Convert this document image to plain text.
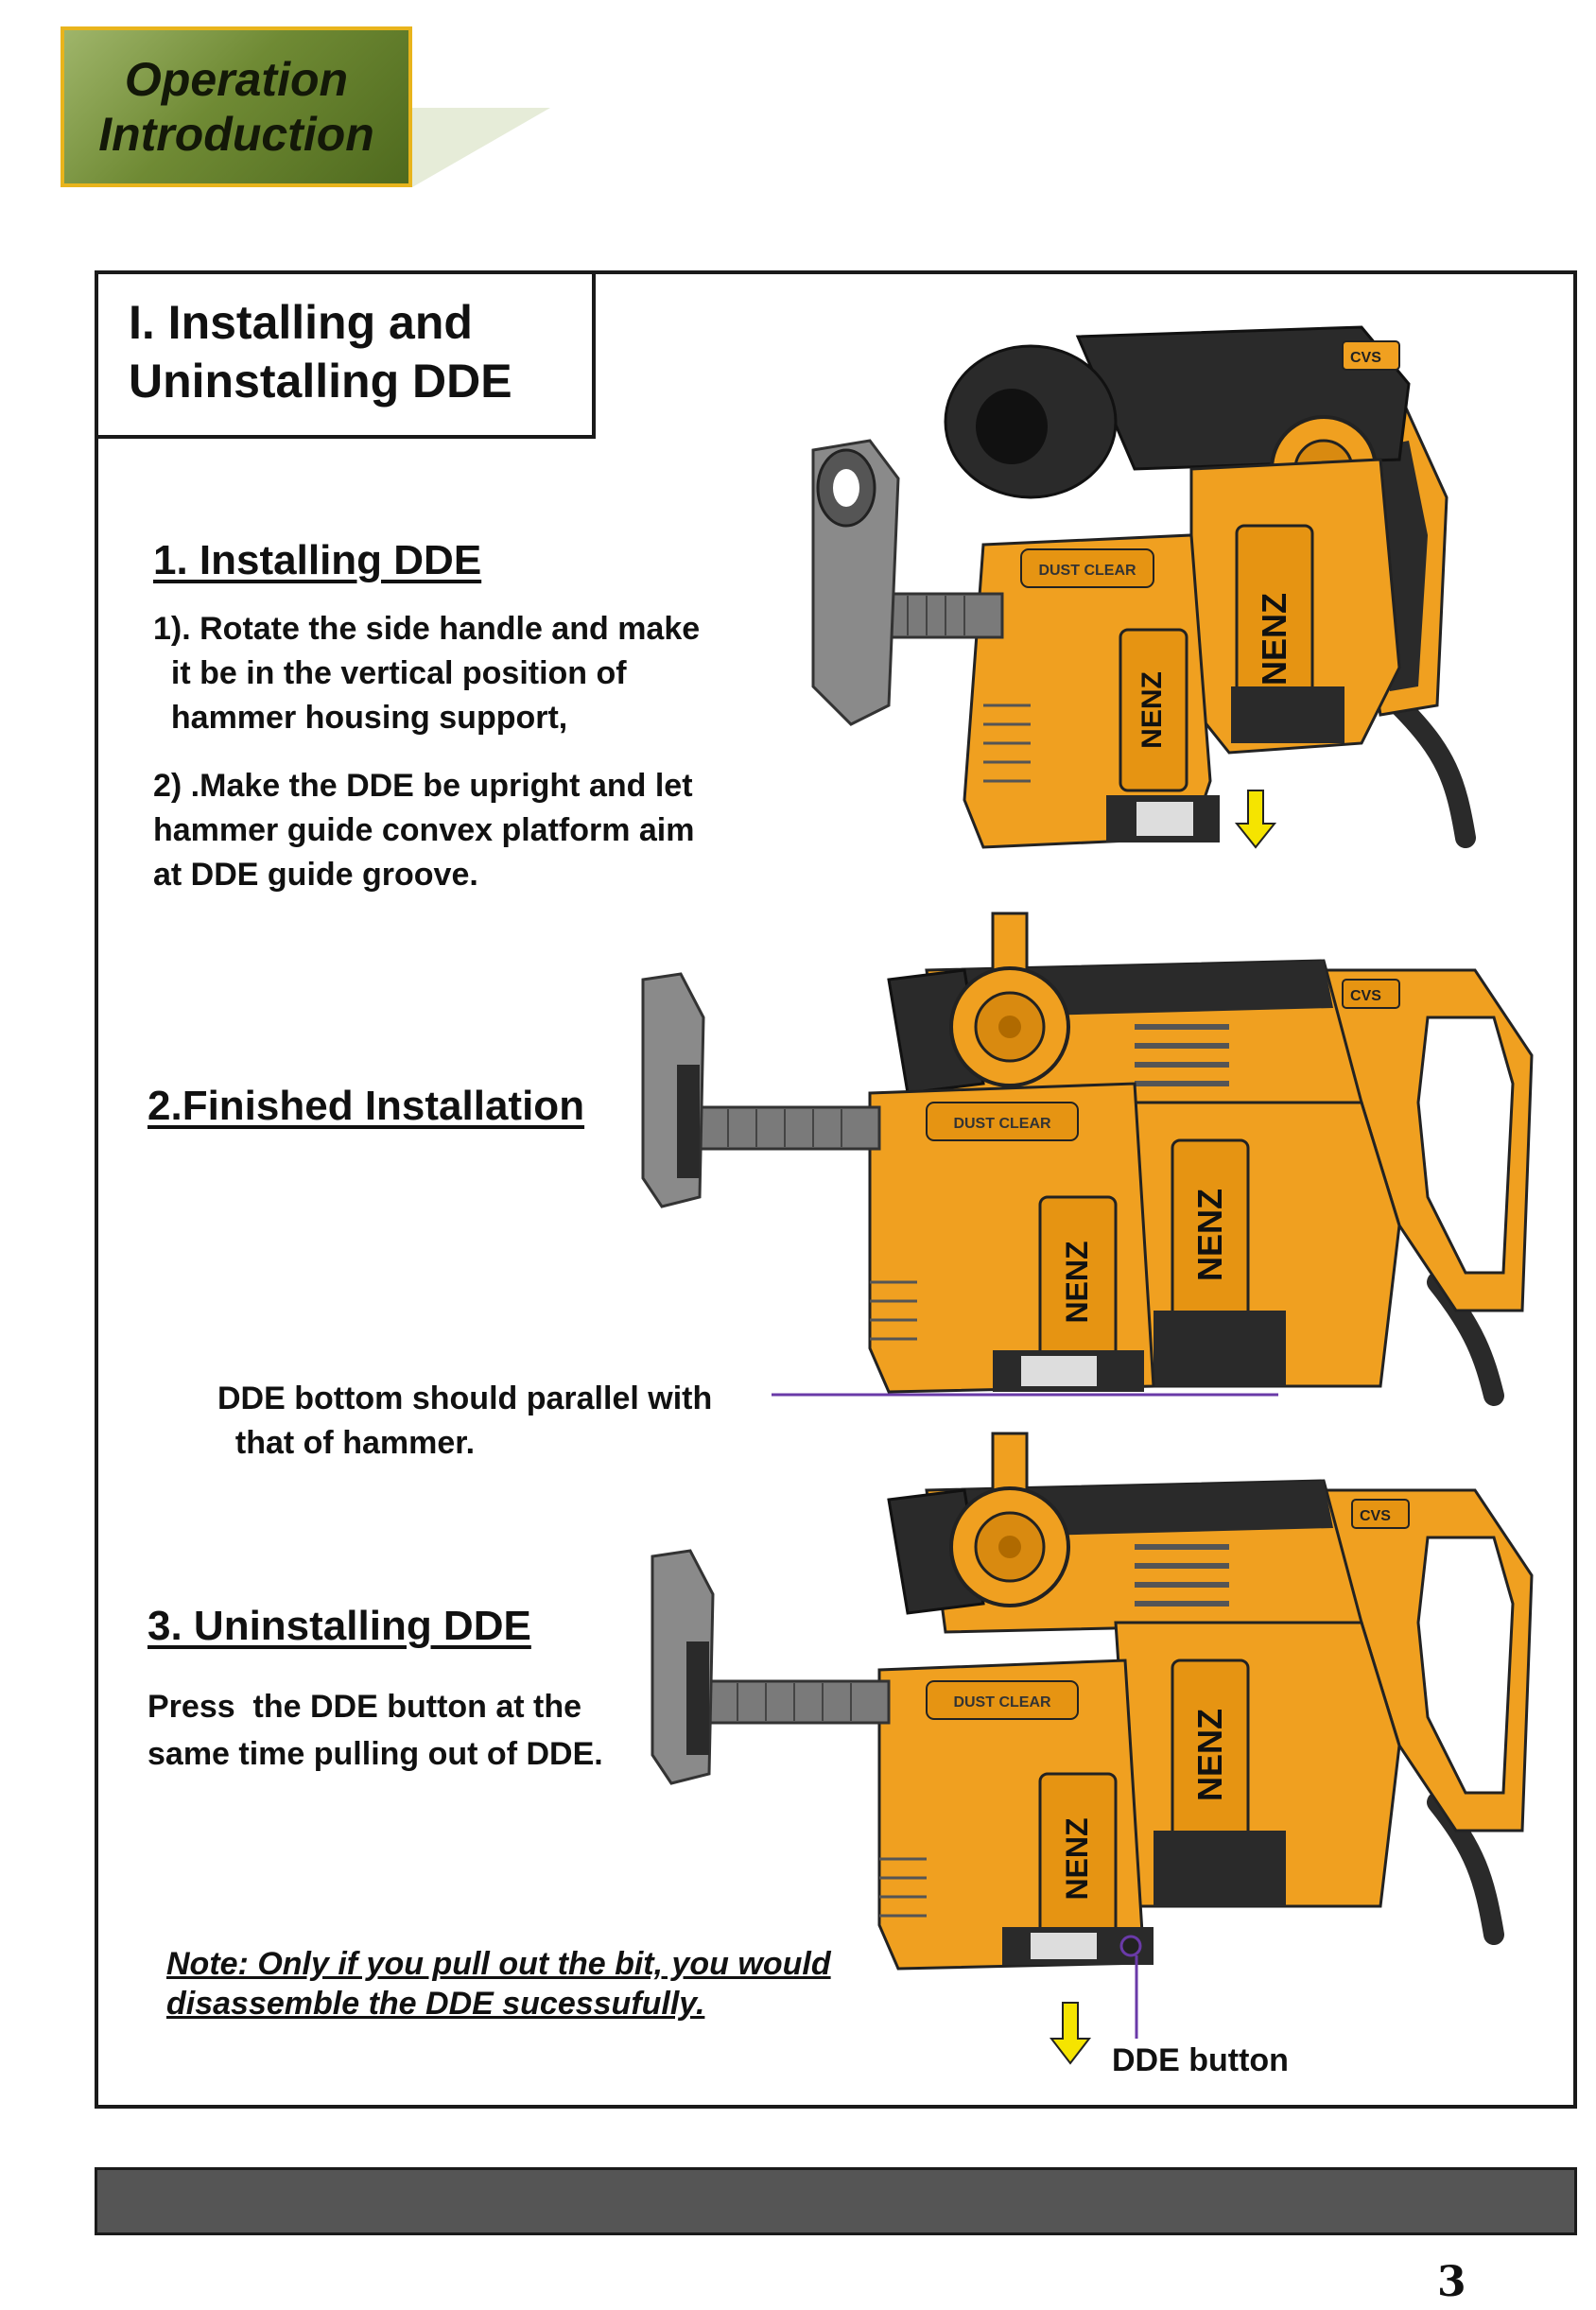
Operation
Introduction
I. Installing and
Uninstalling DDE
1. Installing DDE
1). Rotate the side handle and make
it be in the vertical position of
hammer housing support,
2) .Make the DDE be upright and let
hammer guide convex platform aim
at DDE guide groove.
2.Finished Installation
DDE bottom should parallel with
that of hammer.
3. Uninstalling DDE
Press  the DDE button at the
same time pulling out of DDE.
Note: Only if you pull out the bit, you would
disassemble the DDE sucessufully.
CVS
NENZ
DUST CLEAR
NENZ
CVS
NENZ
DUST CLEAR
NENZ
CVS
NENZ
DUST CLEAR
NENZ
DDE button
3
